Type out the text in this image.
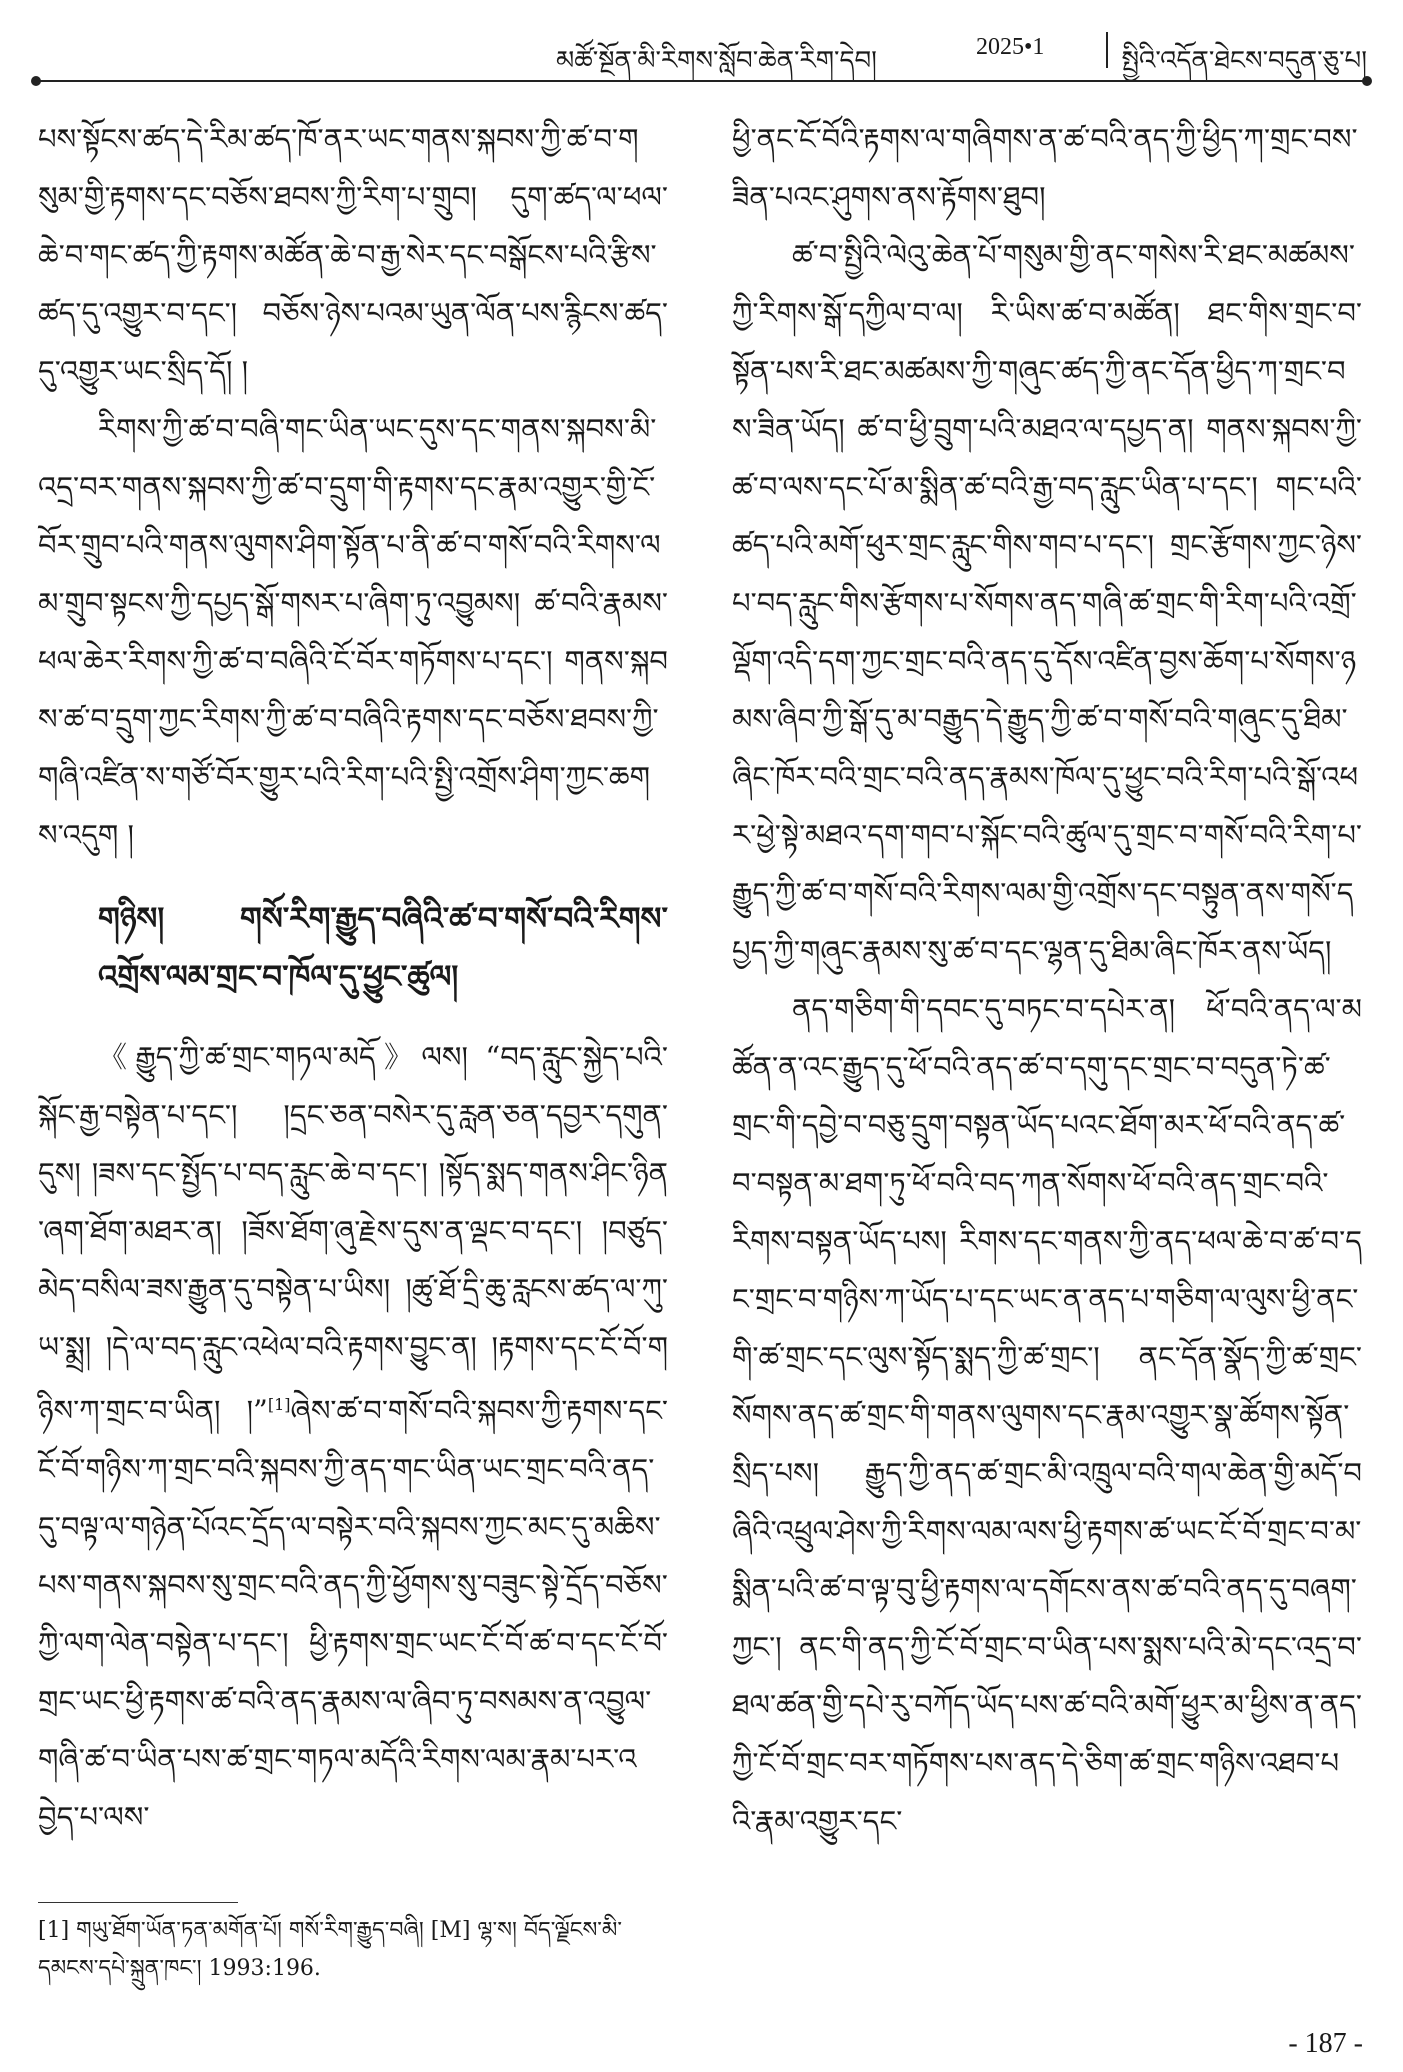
མཚོ་སྔོན་མི་རིགས་སློབ་ཆེན་རིག་དེབ།	2025•1	སྤྱིའི་འདོན་ཐེངས་བདུན་ཅུ་པ།

པས་སྟོངས་ཚད་དེ་རིམ་ཚད་ཁོ་ནར་ཡང་གནས་སྐབས་ཀྱི་ཚ་བ་གསུམ་གྱི་རྟགས་དང་བཅོས་ཐབས་ཀྱི་རིག་པ་གྲུབ། དུག་ཚད་ལ་ཕལ་ཆེ་བ་གང་ཚད་ཀྱི་རྟགས་མཚོན་ཆེ་བ་རྒྱ་སེར་དང་བསྒོངས་པའི་རྩིས་ཚད་དུ་འགྱུར་བ་དང་། བཅོས་ཉེས་པའམ་ཡུན་ལོན་པས་རྙིངས་ཚད་དུ་འགྱུར་ཡང་སྲིད་དོ། །

རིགས་ཀྱི་ཚ་བ་བཞི་གང་ཡིན་ཡང་དུས་དང་གནས་སྐབས་མི་འདྲ་བར་གནས་སྐབས་ཀྱི་ཚ་བ་དྲུག་གི་རྟགས་དང་རྣམ་འགྱུར་གྱི་ངོ་བོར་གྲུབ་པའི་གནས་ལུགས་ཤིག་སྟོན་པ་ནི་ཚ་བ་གསོ་བའི་རིགས་ལམ་གྲུབ་སྟངས་ཀྱི་དཔྱད་སྒོ་གསར་པ་ཞིག་ཏུ་འབྱུམས། ཚ་བའི་རྣམས་ཕལ་ཆེར་རིགས་ཀྱི་ཚ་བ་བཞིའི་ངོ་བོར་གཏོགས་པ་དང་། གནས་སྐབས་ཚ་བ་དྲུག་ཀྱང་རིགས་ཀྱི་ཚ་བ་བཞིའི་རྟགས་དང་བཅོས་ཐབས་ཀྱི་གཞི་འཛིན་ས་གཙོ་བོར་གྱུར་པའི་རིག་པའི་སྤྱི་འགྲོས་ཤིག་ཀྱང་ཆགས་འདུག །

གཉིས། གསོ་རིག་རྒྱུད་བཞིའི་ཚ་བ་གསོ་བའི་རིགས་འགྲོས་ལམ་གྲང་བ་ཁོལ་དུ་ཕྱུང་ཚུལ།

《རྒྱུད་ཀྱི་ཚ་གྲང་གཏལ་མདོ》ལས། “བད་རླུང་སྐྱེད་པའི་སྐོང་རྒྱ་བསྟེན་པ་དང་། །དྲང་ཅན་བསེར་དུ་རླན་ཅན་དབྱར་དགུན་དུས། །ཟས་དང་སྤྱོད་པ་བད་རླུང་ཆེ་བ་དང་། །སྟོད་སྨད་གནས་ཤིང་ཉིན་ཞག་ཐོག་མཐར་ན། །ཟོས་ཐོག་ཞུ་རྗེས་དུས་ན་ལྡང་བ་དང་། །བཙུད་མེད་བསིལ་ཟས་རྒྱུན་དུ་བསྟེན་པ་ཡིས། །ཚུ་ཐོ་དྲི་ཆུ་རླངས་ཚད་ལ་ཀུ་ཡ་སྨྲ། །དེ་ལ་བད་རླུང་འཕེལ་བའི་རྟགས་བྱུང་ན། །རྟགས་དང་ངོ་བོ་གཉིས་ཀ་གྲང་བ་ཡིན། །”[1]ཞེས་ཚ་བ་གསོ་བའི་སྐབས་ཀྱི་རྟགས་དང་ངོ་བོ་གཉིས་ཀ་གྲང་བའི་སྐབས་ཀྱི་ནད་གང་ཡིན་ཡང་གྲང་བའི་ནད་དུ་བལྟ་ལ་གཉེན་པོའང་དྲོད་ལ་བསྟེར་བའི་སྐབས་ཀྱང་མང་དུ་མཆིས་པས་གནས་སྐབས་སུ་གྲང་བའི་ནད་ཀྱི་ཕྱོགས་སུ་བཟུང་སྟེ་དྲོད་བཅོས་ཀྱི་ལག་ལེན་བསྟེན་པ་དང་། ཕྱི་རྟགས་གྲང་ཡང་ངོ་བོ་ཚ་བ་དང་ངོ་བོ་གྲང་ཡང་ཕྱི་རྟགས་ཚ་བའི་ནད་རྣམས་ལ་ཞིབ་ཏུ་བསམས་ན་འབྱུལ་གཞི་ཚ་བ་ཡིན་པས་ཚ་གྲང་གཏལ་མདོའི་རིགས་ལམ་རྣམ་པར་འབྱེད་པ་ལས་

ཕྱི་ནང་ངོ་བོའི་རྟགས་ལ་གཞིགས་ན་ཚ་བའི་ནད་ཀྱི་ཕྱིད་ཀ་གྲང་བས་ཟིན་པའང་ཤུགས་ནས་རྟོགས་ཐུབ།

ཚ་བ་སྤྱིའི་ལེའུ་ཆེན་པོ་གསུམ་གྱི་ནང་གསེས་རི་ཐང་མཚམས་ཀྱི་རིགས་སྒོ་དཀྱིལ་བ་ལ། རི་ཡིས་ཚ་བ་མཚོན། ཐང་གིས་གྲང་བ་སྟོན་པས་རི་ཐང་མཚམས་ཀྱི་གཞུང་ཚད་ཀྱི་ནང་དོན་ཕྱིད་ཀ་གྲང་བས་ཟིན་ཡོད། ཚ་བ་ཕྱི་བྲུག་པའི་མཐའ་ལ་དཔྱད་ན། གནས་སྐབས་ཀྱི་ཚ་བ་ལས་དང་པོ་མ་སྨིན་ཚ་བའི་རྒྱ་བད་རླུང་ཡིན་པ་དང་། གང་པའི་ཚད་པའི་མགོ་ཕུར་གྲང་རླུང་གིས་གབ་པ་དང་། གྲང་རྩོགས་ཀྱང་ཉེས་པ་བད་རླུང་གིས་རྩོགས་པ་སོགས་ནད་གཞི་ཚ་གྲང་གི་རིག་པའི་འགྲོ་ལྡོག་འདི་དག་ཀྱང་གྲང་བའི་ནད་དུ་དོས་འཛིན་བྱས་ཆོག་པ་སོགས་ཉམས་ཞིབ་ཀྱི་སྒོ་དུ་མ་བརྒྱུད་དེ་རྒྱུད་ཀྱི་ཚ་བ་གསོ་བའི་གཞུང་དུ་ཐིམ་ཞིང་ཁོར་བའི་གྲང་བའི་ནད་རྣམས་ཁོལ་དུ་ཕྱུང་བའི་རིག་པའི་སྒོ་འཕར་ཕྱེ་སྟེ་མཐའ་དག་གབ་པ་སྐོང་བའི་ཚུལ་དུ་གྲང་བ་གསོ་བའི་རིག་པ་རྒྱུད་ཀྱི་ཚ་བ་གསོ་བའི་རིགས་ལམ་གྱི་འགྲོས་དང་བསྟུན་ནས་གསོ་དཔྱད་ཀྱི་གཞུང་རྣམས་སུ་ཚ་བ་དང་ལྷན་དུ་ཐིམ་ཞིང་ཁོར་ནས་ཡོད།

ནད་གཅིག་གི་དབང་དུ་བཏང་བ་དཔེར་ན། ཕོ་བའི་ནད་ལ་མཚོན་ན་འང་རྒྱུད་དུ་ཕོ་བའི་ནད་ཚ་བ་དགུ་དང་གྲང་བ་བདུན་ཏེ་ཚ་གྲང་གི་དབྱེ་བ་བཅུ་དྲུག་བསྟན་ཡོད་པའང་ཐོག་མར་ཕོ་བའི་ནད་ཚ་བ་བསྟན་མ་ཐག་ཏུ་ཕོ་བའི་བད་ཀན་སོགས་ཕོ་བའི་ནད་གྲང་བའི་རིགས་བསྟན་ཡོད་པས། རིགས་དང་གནས་ཀྱི་ནད་ཕལ་ཆེ་བ་ཚ་བ་དང་གྲང་བ་གཉིས་ཀ་ཡོད་པ་དང་ཡང་ན་ནད་པ་གཅིག་ལ་ལུས་ཕྱི་ནང་གི་ཚ་གྲང་དང་ལུས་སྟོད་སྨད་ཀྱི་ཚ་གྲང་། ནང་དོན་སྣོད་ཀྱི་ཚ་གྲང་སོགས་ནད་ཚ་གྲང་གི་གནས་ལུགས་དང་རྣམ་འགྱུར་སྣ་ཚོགས་སྟོན་སྲིད་པས། རྒྱུད་ཀྱི་ནད་ཚ་གྲང་མི་འཁྲུལ་བའི་གལ་ཆེན་གྱི་མདོ་བཞིའི་འཕྲུལ་ཤེས་ཀྱི་རིགས་ལམ་ལས་ཕྱི་རྟགས་ཚ་ཡང་ངོ་བོ་གྲང་བ་མ་སྨིན་པའི་ཚ་བ་ལྟ་བུ་ཕྱི་རྟགས་ལ་དགོངས་ནས་ཚ་བའི་ནད་དུ་བཞག་ཀྱང་། ནང་གི་ནད་ཀྱི་ངོ་བོ་གྲང་བ་ཡིན་པས་སྨས་པའི་མེ་དང་འདྲ་བ་ཐལ་ཚན་གྱི་དཔེ་རུ་བཀོད་ཡོད་པས་ཚ་བའི་མགོ་ཕྱུར་མ་ཕྱིས་ན་ནད་ཀྱི་ངོ་བོ་གྲང་བར་གཏོགས་པས་ནད་དེ་ཅིག་ཚ་གྲང་གཉིས་འཐབ་པའི་རྣམ་འགྱུར་དང་

[1] གཡུ་ཐོག་ཡོན་ཏན་མགོན་པོ། གསོ་རིག་རྒྱུད་བཞི། [M] ལྷ་ས། བོད་ལྗོངས་མི་དམངས་དཔེ་སྐྲུན་ཁང་། 1993:196.
- 187 -
